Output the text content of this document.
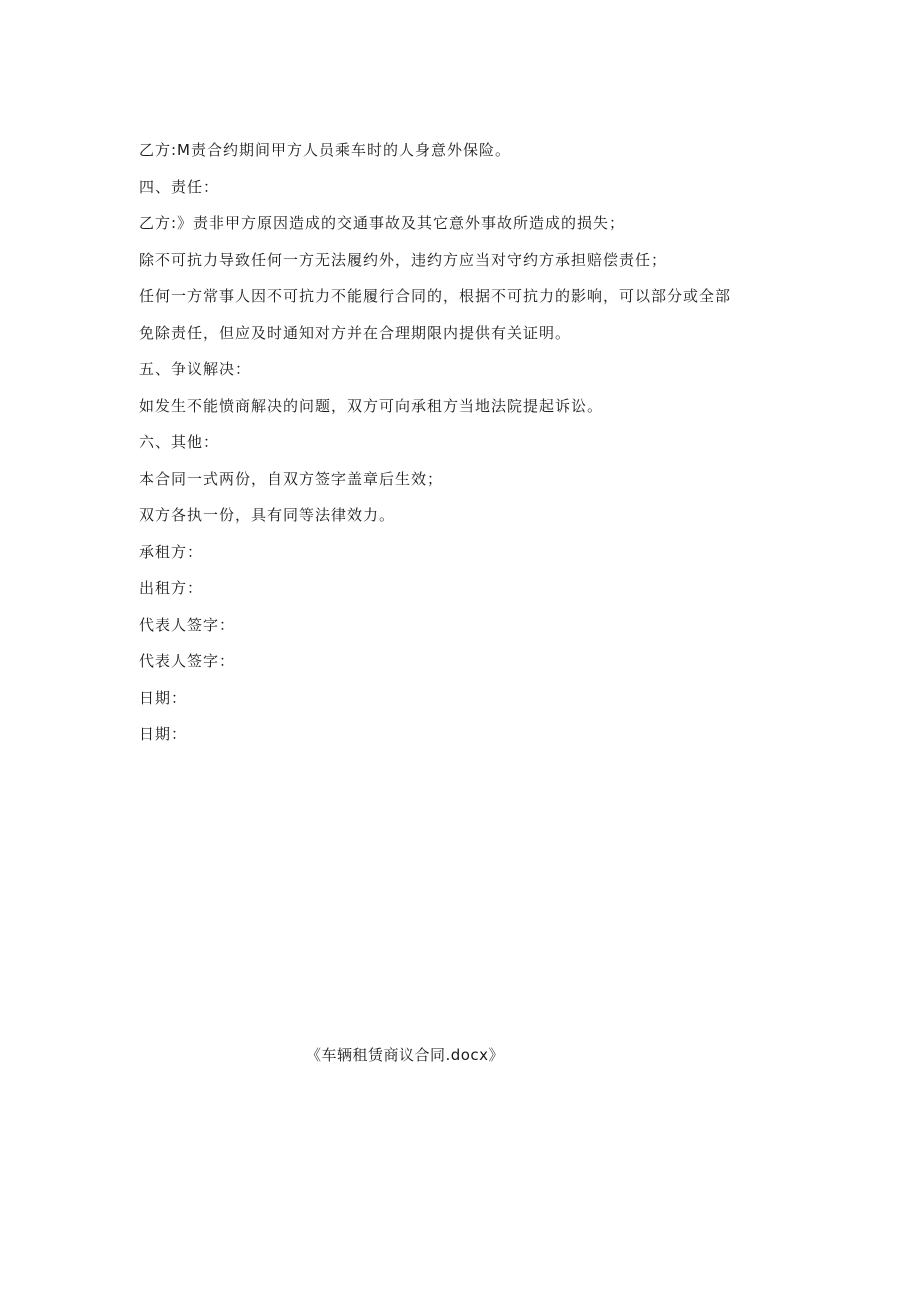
乙方:M责合约期间甲方人员乘车时的人身意外保险。

四、责任：

乙方:》责非甲方原因造成的交通事故及其它意外事故所造成的损失；

除不可抗力导致任何一方无法履约外，违约方应当对守约方承担赔偿责任；

任何一方常事人因不可抗力不能履行合同的，根据不可抗力的影响，可以部分或全部

免除责任，但应及时通知对方并在合理期限内提供有关证明。

五、争议解决：

如发生不能愤商解决的问题，双方可向承租方当地法院提起诉讼。

六、其他：

本合同一式两份，自双方签字盖章后生效；

双方各执一份，具有同等法律效力。

承租方：

出租方：

代表人签字：

代表人签字：

日期：

日期：

《车辆租赁商议合同.docx》
